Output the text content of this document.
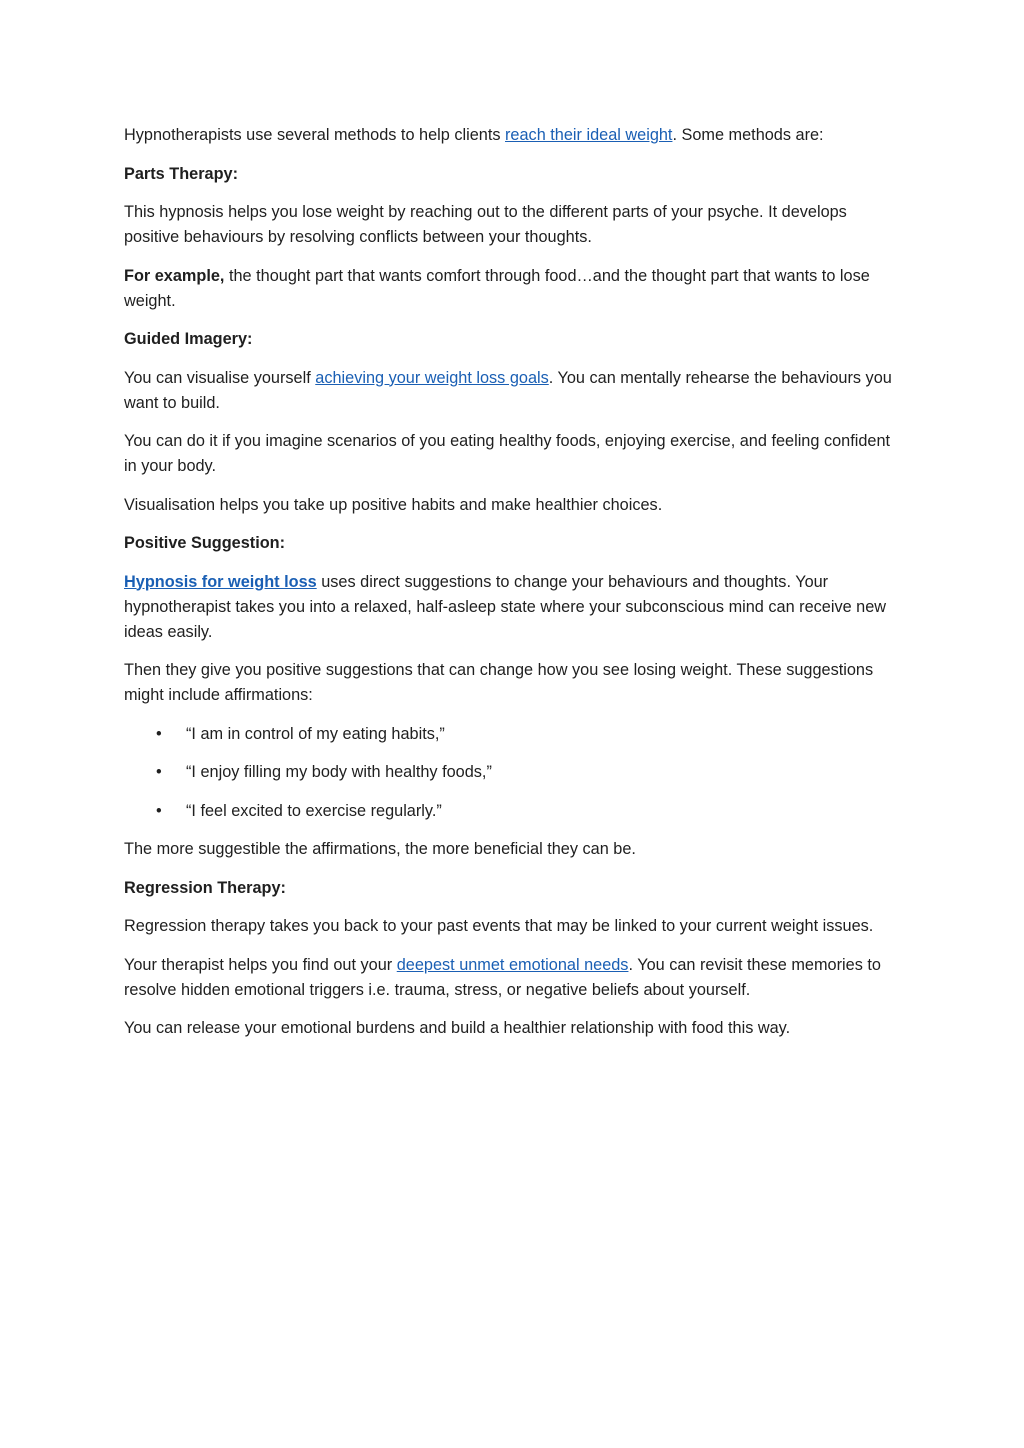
Hypnotherapists use several methods to help clients reach their ideal weight. Some methods are:

Parts Therapy:

This hypnosis helps you lose weight by reaching out to the different parts of your psyche. It develops positive behaviours by resolving conflicts between your thoughts.

For example, the thought part that wants comfort through food…and the thought part that wants to lose weight.

Guided Imagery:

You can visualise yourself achieving your weight loss goals. You can mentally rehearse the behaviours you want to build.

You can do it if you imagine scenarios of you eating healthy foods, enjoying exercise, and feeling confident in your body.

Visualisation helps you take up positive habits and make healthier choices.

Positive Suggestion:

Hypnosis for weight loss uses direct suggestions to change your behaviours and thoughts. Your hypnotherapist takes you into a relaxed, half-asleep state where your subconscious mind can receive new ideas easily.

Then they give you positive suggestions that can change how you see losing weight. These suggestions might include affirmations:

• “I am in control of my eating habits,”
• “I enjoy filling my body with healthy foods,”
• “I feel excited to exercise regularly.”

The more suggestible the affirmations, the more beneficial they can be.

Regression Therapy:

Regression therapy takes you back to your past events that may be linked to your current weight issues.

Your therapist helps you find out your deepest unmet emotional needs. You can revisit these memories to resolve hidden emotional triggers i.e. trauma, stress, or negative beliefs about yourself.

You can release your emotional burdens and build a healthier relationship with food this way.
